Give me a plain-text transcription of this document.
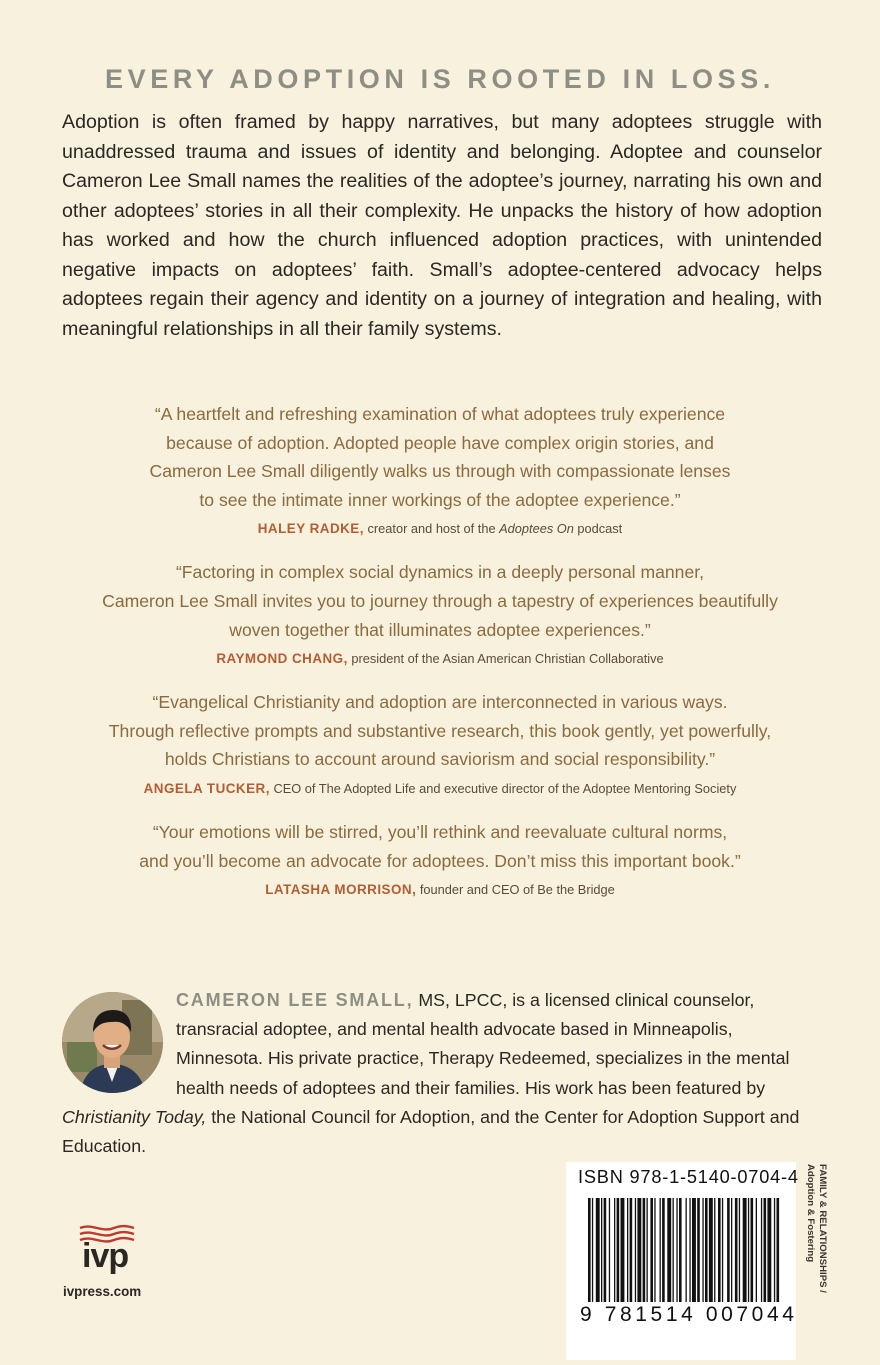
EVERY ADOPTION IS ROOTED IN LOSS.

Adoption is often framed by happy narratives, but many adoptees struggle with unaddressed trauma and issues of identity and belonging. Adoptee and counselor Cameron Lee Small names the realities of the adoptee’s journey, narrating his own and other adoptees’ stories in all their complexity. He unpacks the history of how adoption has worked and how the church influenced adoption practices, with unintended negative impacts on adoptees’ faith. Small’s adoptee-centered advocacy helps adoptees regain their agency and identity on a journey of integration and healing, with meaningful relationships in all their family systems.

“A heartfelt and refreshing examination of what adoptees truly experience
because of adoption. Adopted people have complex origin stories, and
Cameron Lee Small diligently walks us through with compassionate lenses
to see the intimate inner workings of the adoptee experience.”
HALEY RADKE, creator and host of the Adoptees On podcast
“Factoring in complex social dynamics in a deeply personal manner,
Cameron Lee Small invites you to journey through a tapestry of experiences beautifully
woven together that illuminates adoptee experiences.”
RAYMOND CHANG, president of the Asian American Christian Collaborative
“Evangelical Christianity and adoption are interconnected in various ways.
Through reflective prompts and substantive research, this book gently, yet powerfully,
holds Christians to account around saviorism and social responsibility.”
ANGELA TUCKER, CEO of The Adopted Life and executive director of the Adoptee Mentoring Society
“Your emotions will be stirred, you’ll rethink and reevaluate cultural norms,
and you’ll become an advocate for adoptees. Don’t miss this important book.”
LATASHA MORRISON, founder and CEO of Be the Bridge

CAMERON LEE SMALL, MS, LPCC, is a licensed clinical counselor, transracial adoptee, and mental health advocate based in Minneapolis, Minnesota. His private practice, Therapy Redeemed, specializes in the mental health needs of adoptees and their families. His work has been featured by Christianity Today, the National Council for Adoption, and the Center for Adoption Support and Education.

ivp
ivpress.com
ISBN 978-1-5140-0704-4
9 781514 007044
FAMILY & RELATIONSHIPS /
Adoption & Fostering
